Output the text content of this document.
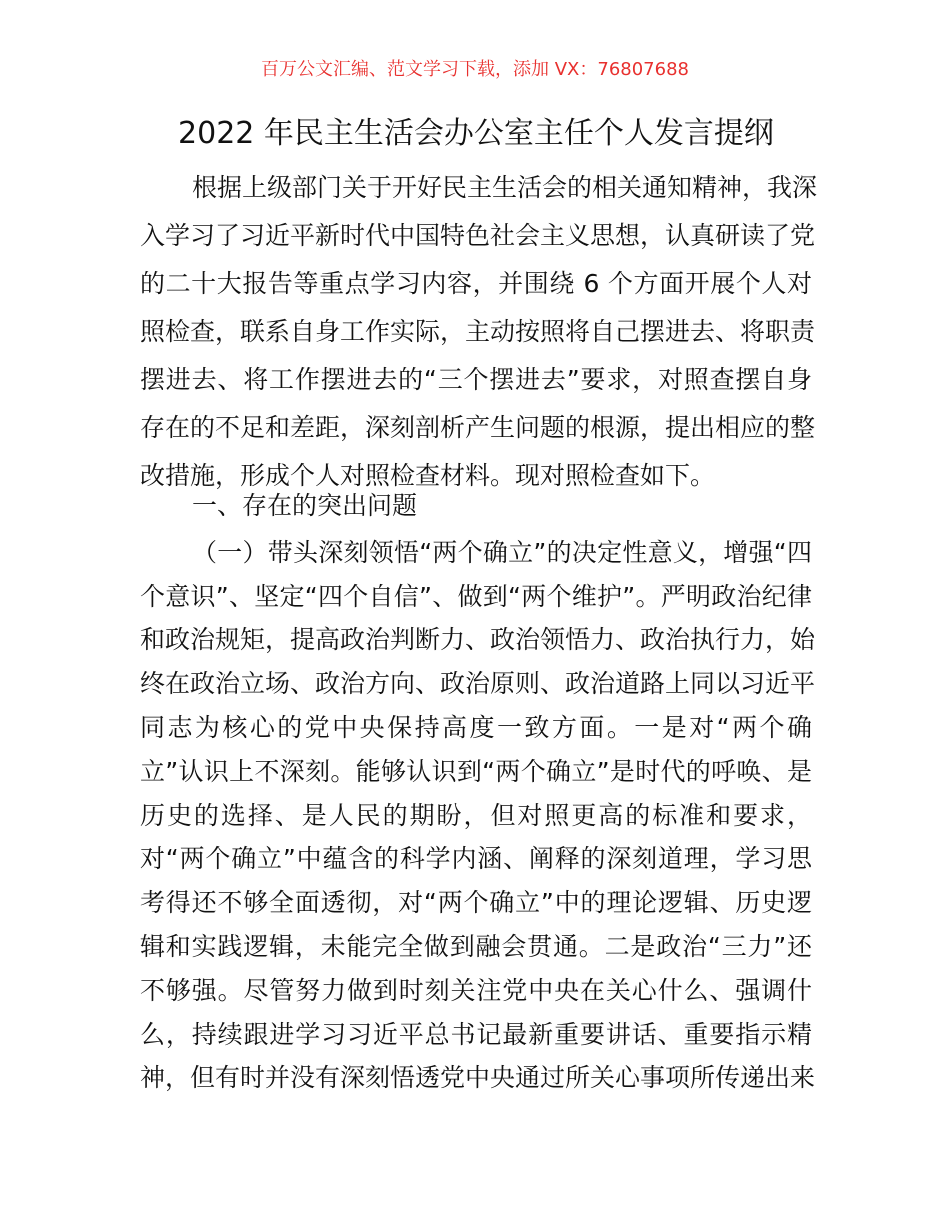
百万公文汇编、范文学习下载，添加 VX：76807688
2022 年民主生活会办公室主任个人发言提纲
根据上级部门关于开好民主生活会的相关通知精神，我深
入学习了习近平新时代中国特色社会主义思想，认真研读了党
的二十大报告等重点学习内容，并围绕 6 个方面开展个人对
照检查，联系自身工作实际，主动按照将自己摆进去、将职责
摆进去、将工作摆进去的“三个摆进去”要求，对照查摆自身
存在的不足和差距，深刻剖析产生问题的根源，提出相应的整
改措施，形成个人对照检查材料。现对照检查如下。
一、存在的突出问题
（一）带头深刻领悟“两个确立”的决定性意义，增强“四
个意识”、坚定“四个自信”、做到“两个维护”。严明政治纪律
和政治规矩，提高政治判断力、政治领悟力、政治执行力，始
终在政治立场、政治方向、政治原则、政治道路上同以习近平
同志为核心的党中央保持高度一致方面。一是对“两个确
立”认识上不深刻。能够认识到“两个确立”是时代的呼唤、是
历史的选择、是人民的期盼，但对照更高的标准和要求，
对“两个确立”中蕴含的科学内涵、阐释的深刻道理，学习思
考得还不够全面透彻，对“两个确立”中的理论逻辑、历史逻
辑和实践逻辑，未能完全做到融会贯通。二是政治“三力”还
不够强。尽管努力做到时刻关注党中央在关心什么、强调什
么，持续跟进学习习近平总书记最新重要讲话、重要指示精
神，但有时并没有深刻悟透党中央通过所关心事项所传递出来
